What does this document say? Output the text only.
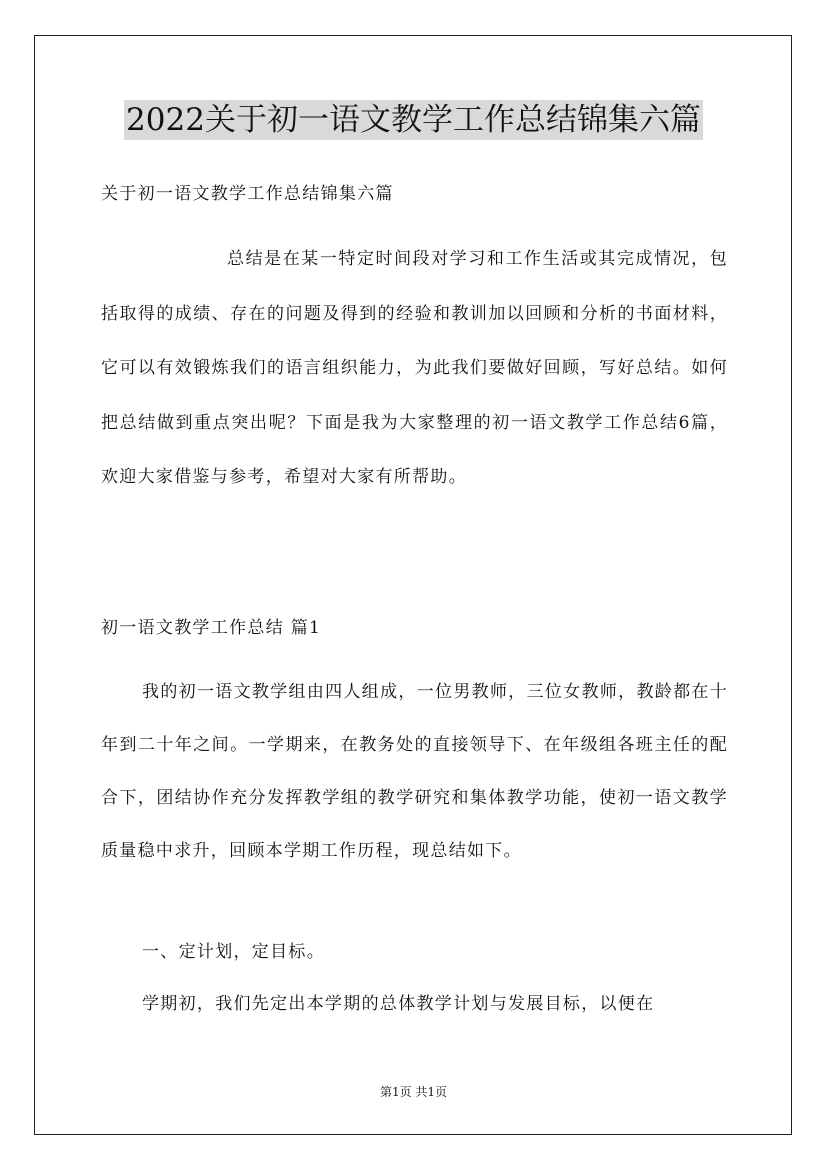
2022关于初一语文教学工作总结锦集六篇
关于初一语文教学工作总结锦集六篇
总结是在某一特定时间段对学习和工作生活或其完成情况，包括取得的成绩、存在的问题及得到的经验和教训加以回顾和分析的书面材料，它可以有效锻炼我们的语言组织能力，为此我们要做好回顾，写好总结。如何把总结做到重点突出呢？下面是我为大家整理的初一语文教学工作总结6篇，欢迎大家借鉴与参考，希望对大家有所帮助。
初一语文教学工作总结 篇1
我的初一语文教学组由四人组成，一位男教师，三位女教师，教龄都在十年到二十年之间。一学期来，在教务处的直接领导下、在年级组各班主任的配合下，团结协作充分发挥教学组的教学研究和集体教学功能，使初一语文教学质量稳中求升，回顾本学期工作历程，现总结如下。
一、定计划，定目标。
学期初，我们先定出本学期的总体教学计划与发展目标，以便在
第1页 共1页
